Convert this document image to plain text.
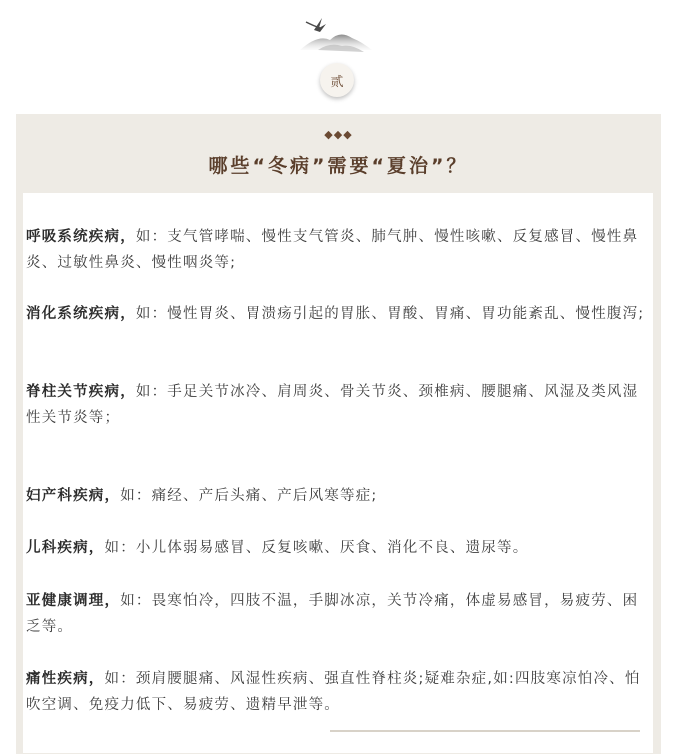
贰
◆◆◆
哪些“冬病”需要“夏治”？

呼吸系统疾病，如：支气管哮喘、慢性支气管炎、肺气肿、慢性咳嗽、反复感冒、慢性鼻炎、过敏性鼻炎、慢性咽炎等;

消化系统疾病，如：慢性胃炎、胃溃疡引起的胃胀、胃酸、胃痛、胃功能紊乱、慢性腹泻;

脊柱关节疾病，如：手足关节冰冷、肩周炎、骨关节炎、颈椎病、腰腿痛、风湿及类风湿性关节炎等；

妇产科疾病，如：痛经、产后头痛、产后风寒等症;

儿科疾病，如：小儿体弱易感冒、反复咳嗽、厌食、消化不良、遗尿等。

亚健康调理，如：畏寒怕冷，四肢不温，手脚冰凉，关节冷痛，体虚易感冒，易疲劳、困乏等。

痛性疾病，如：颈肩腰腿痛、风湿性疾病、强直性脊柱炎;疑难杂症,如:四肢寒凉怕冷、怕吹空调、免疫力低下、易疲劳、遗精早泄等。
